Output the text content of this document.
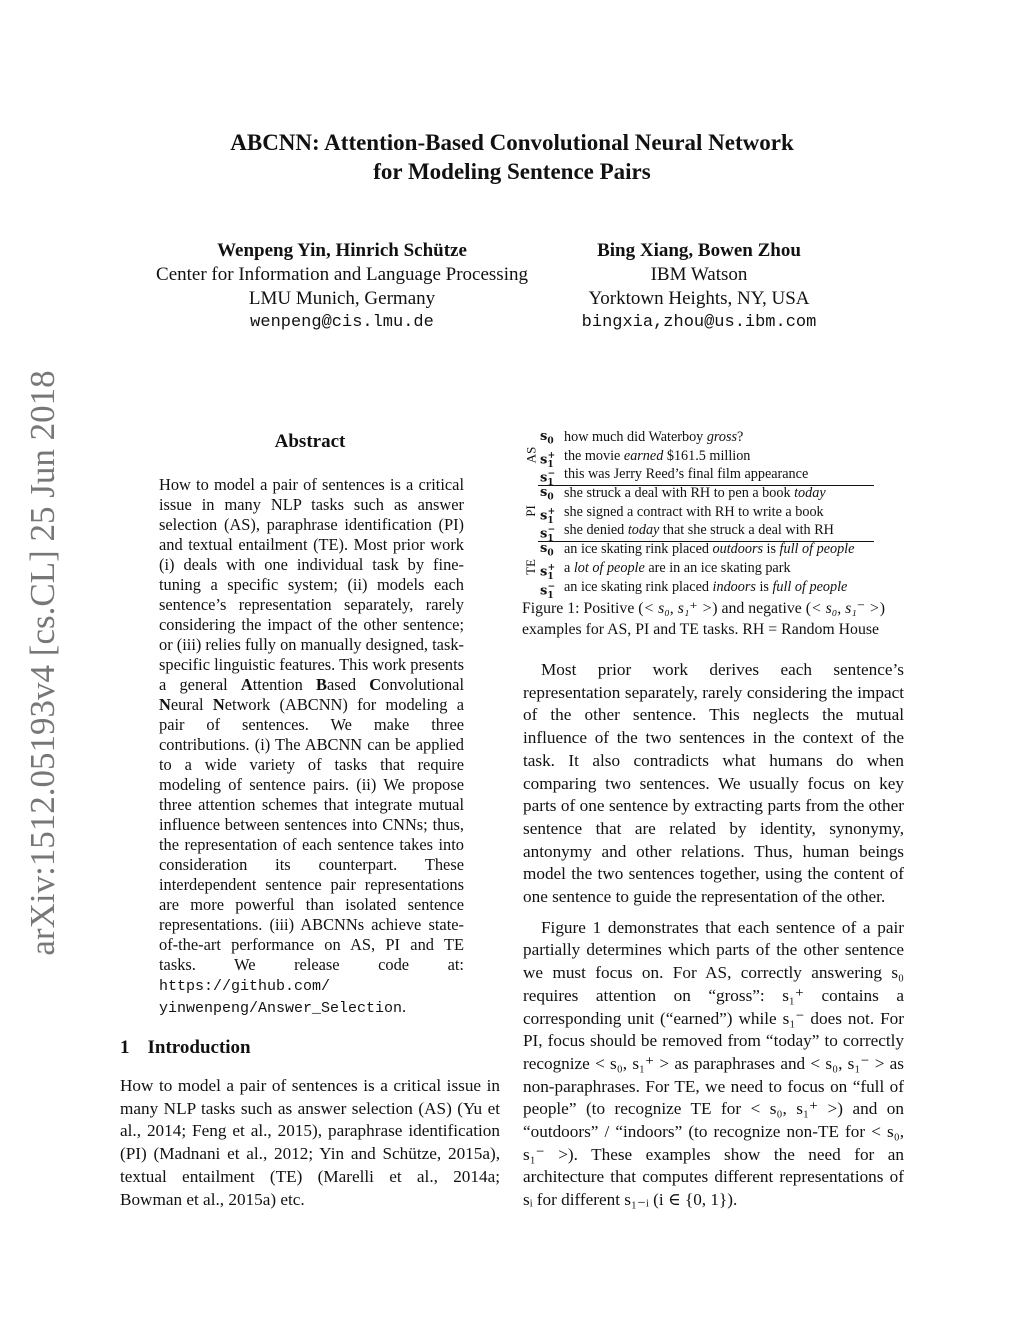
ABCNN: Attention-Based Convolutional Neural Network
for Modeling Sentence Pairs
Wenpeng Yin, Hinrich Schütze
Center for Information and Language Processing
LMU Munich, Germany
wenpeng@cis.lmu.de
Bing Xiang, Bowen Zhou
IBM Watson
Yorktown Heights, NY, USA
bingxia,zhou@us.ibm.com
arXiv:1512.05193v4 [cs.CL] 25 Jun 2018	Abstract
How to model a pair of sentences is a critical issue in many NLP tasks such as answer selection (AS), paraphrase identification (PI) and textual entailment (TE). Most prior work (i) deals with one individual task by fine-tuning a specific system; (ii) models each sentence’s representation separately, rarely considering the impact of the other sentence; or (iii) relies fully on manually designed, task-specific linguistic features. This work presents a general Attention Based Convolutional Neural Network (ABCNN) for modeling a pair of sentences. We make three contributions. (i) The ABCNN can be applied to a wide variety of tasks that require modeling of sentence pairs. (ii) We propose three attention schemes that integrate mutual influence between sentences into CNNs; thus, the representation of each sentence takes into consideration its counterpart. These interdependent sentence pair representations are more powerful than isolated sentence representations. (iii) ABCNNs achieve state-of-the-art performance on AS, PI and TE tasks. We release code at: https://github.com/ yinwenpeng/Answer_Selection.
1 Introduction

How to model a pair of sentences is a critical issue in many NLP tasks such as answer selection (AS) (Yu et al., 2014; Feng et al., 2015), paraphrase identification (PI) (Madnani et al., 2012; Yin and Schütze, 2015a), textual entailment (TE) (Marelli et al., 2014a; Bowman et al., 2015a) etc.

AS
$s_0$ how much did Waterboy gross?
$s_1^+$ the movie earned $161.5 million
$s_1^-$ this was Jerry Reed’s final film appearance
PI
$s_0$ she struck a deal with RH to pen a book today
$s_1^+$ she signed a contract with RH to write a book
$s_1^-$ she denied today that she struck a deal with RH
TE
$s_0$ an ice skating rink placed outdoors is full of people
$s_1^+$ a lot of people are in an ice skating park
$s_1^-$ an ice skating rink placed indoors is full of people
Figure 1: Positive (< s₀, s₁⁺ >) and negative (< s₀, s₁⁻ >) examples for AS, PI and TE tasks. RH = Random House

Most prior work derives each sentence’s representation separately, rarely considering the impact of the other sentence. This neglects the mutual influence of the two sentences in the context of the task. It also contradicts what humans do when comparing two sentences. We usually focus on key parts of one sentence by extracting parts from the other sentence that are related by identity, synonymy, antonymy and other relations. Thus, human beings model the two sentences together, using the content of one sentence to guide the representation of the other.

Figure 1 demonstrates that each sentence of a pair partially determines which parts of the other sentence we must focus on. For AS, correctly answering s₀ requires attention on “gross”: s₁⁺ contains a corresponding unit (“earned”) while s₁⁻ does not. For PI, focus should be removed from “today” to correctly recognize < s₀, s₁⁺ > as paraphrases and < s₀, s₁⁻ > as non-paraphrases. For TE, we need to focus on “full of people” (to recognize TE for < s₀, s₁⁺ >) and on “outdoors” / “indoors” (to recognize non-TE for < s₀, s₁⁻ >). These examples show the need for an architecture that computes different representations of sᵢ for different s₁₋ᵢ (i ∈ {0, 1}).
